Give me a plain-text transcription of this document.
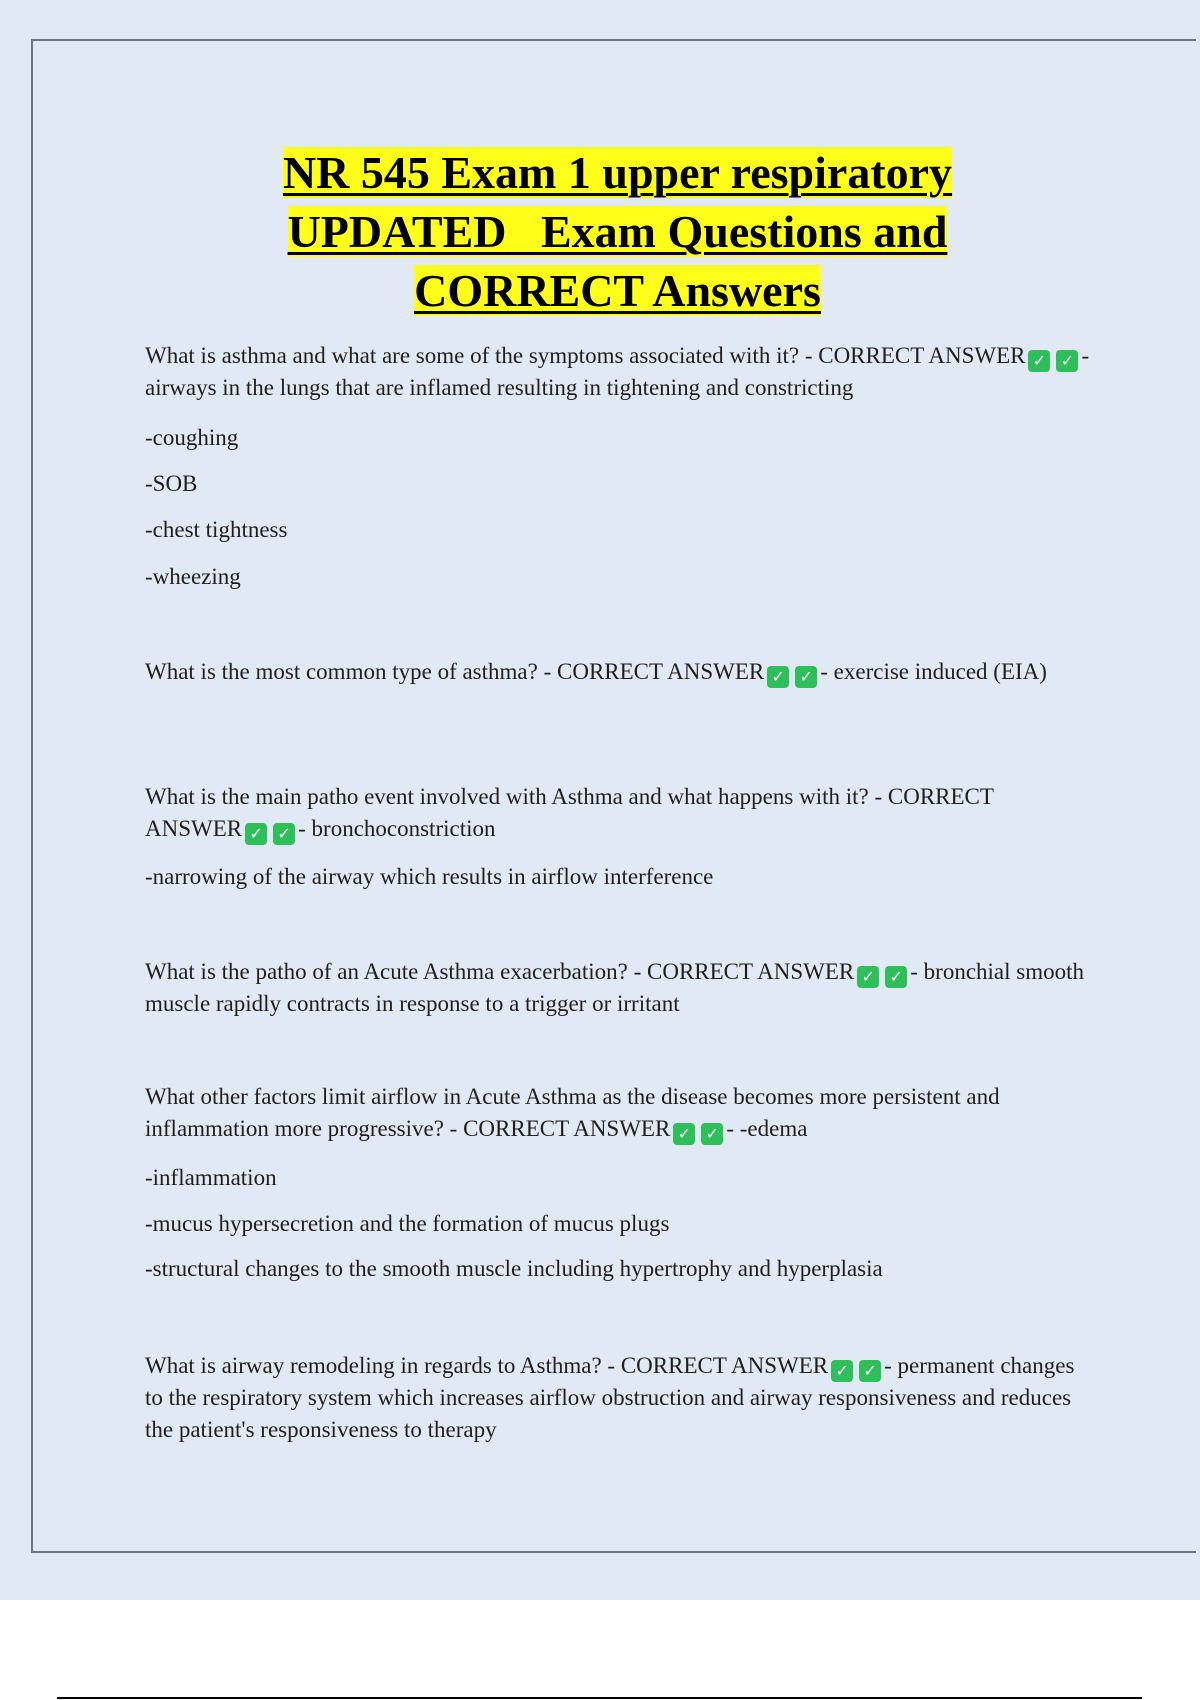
NR 545 Exam 1 upper respiratory
UPDATED   Exam Questions and
CORRECT Answers

What is asthma and what are some of the symptoms associated with it? - CORRECT ANSWER ✓ ✓ - airways in the lungs that are inflamed resulting in tightening and constricting

-coughing
-SOB
-chest tightness
-wheezing

What is the most common type of asthma? - CORRECT ANSWER ✓ ✓ - exercise induced (EIA)

What is the main patho event involved with Asthma and what happens with it? - CORRECT ANSWER ✓ ✓ - bronchoconstriction

-narrowing of the airway which results in airflow interference

What is the patho of an Acute Asthma exacerbation? - CORRECT ANSWER ✓ ✓ - bronchial smooth muscle rapidly contracts in response to a trigger or irritant

What other factors limit airflow in Acute Asthma as the disease becomes more persistent and inflammation more progressive? - CORRECT ANSWER ✓ ✓ - -edema

-inflammation
-mucus hypersecretion and the formation of mucus plugs
-structural changes to the smooth muscle including hypertrophy and hyperplasia

What is airway remodeling in regards to Asthma? - CORRECT ANSWER ✓ ✓ - permanent changes to the respiratory system which increases airflow obstruction and airway responsiveness and reduces the patient's responsiveness to therapy
